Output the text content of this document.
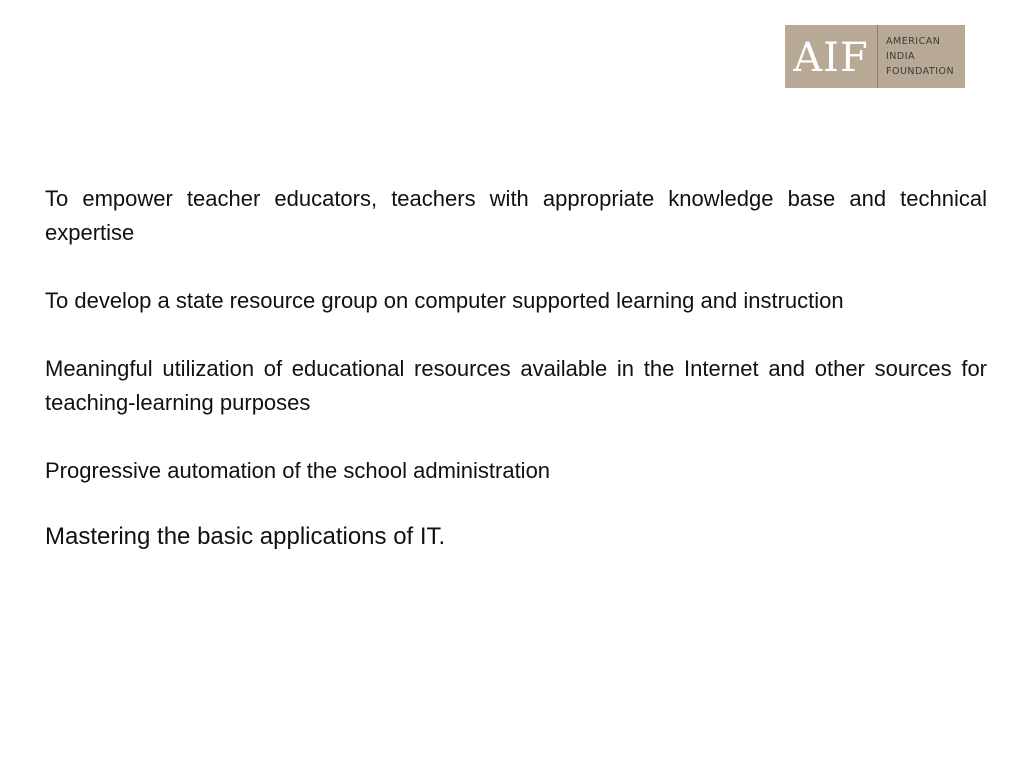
AIF	AMERICAN
INDIA
FOUNDATION

To empower teacher educators, teachers with appropriate knowledge base and technical expertise

To develop a state resource group on computer supported learning and instruction

Meaningful utilization of educational resources available in the Internet and other sources for teaching-learning purposes

Progressive automation of the school administration

Mastering the basic applications of IT.
